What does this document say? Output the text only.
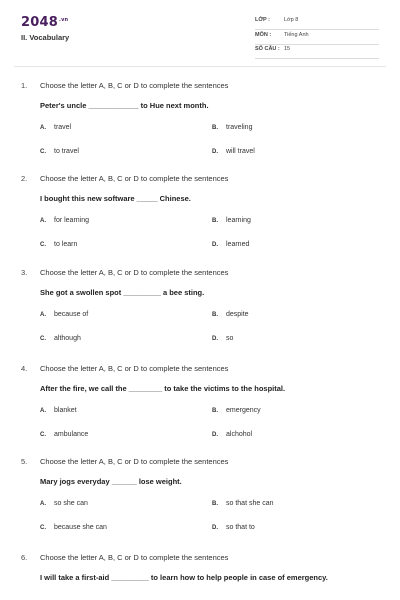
$2048^{.vn}$
II. Vocabulary
LỚP :	Lớp 8
MÔN : Tiếng Anh
SỐ CÂU : 15
1. Choose the letter A, B, C or D to complete the sentences
Peter's uncle ____________ to Hue next month.
A. travel	B. traveling
C. to travel	D. will travel
2. Choose the letter A, B, C or D to complete the sentences
I bought this new software _____ Chinese.
A. for learning	B. learning
C. to learn	D. learned
3. Choose the letter A, B, C or D to complete the sentences
She got a swollen spot _________ a bee sting.
A. because of	B. despite
C. although	D. so
4. Choose the letter A, B, C or D to complete the sentences
After the fire, we call the ________ to take the victims to the hospital.
A. blanket	B. emergency
C. ambulance	D. alchohol
5. Choose the letter A, B, C or D to complete the sentences
Mary jogs everyday ______ lose weight.
A. so she can	B. so that she can
C. because she can	D. so that to
6. Choose the letter A, B, C or D to complete the sentences
I will take a first-aid _________ to learn how to help people in case of emergency.
